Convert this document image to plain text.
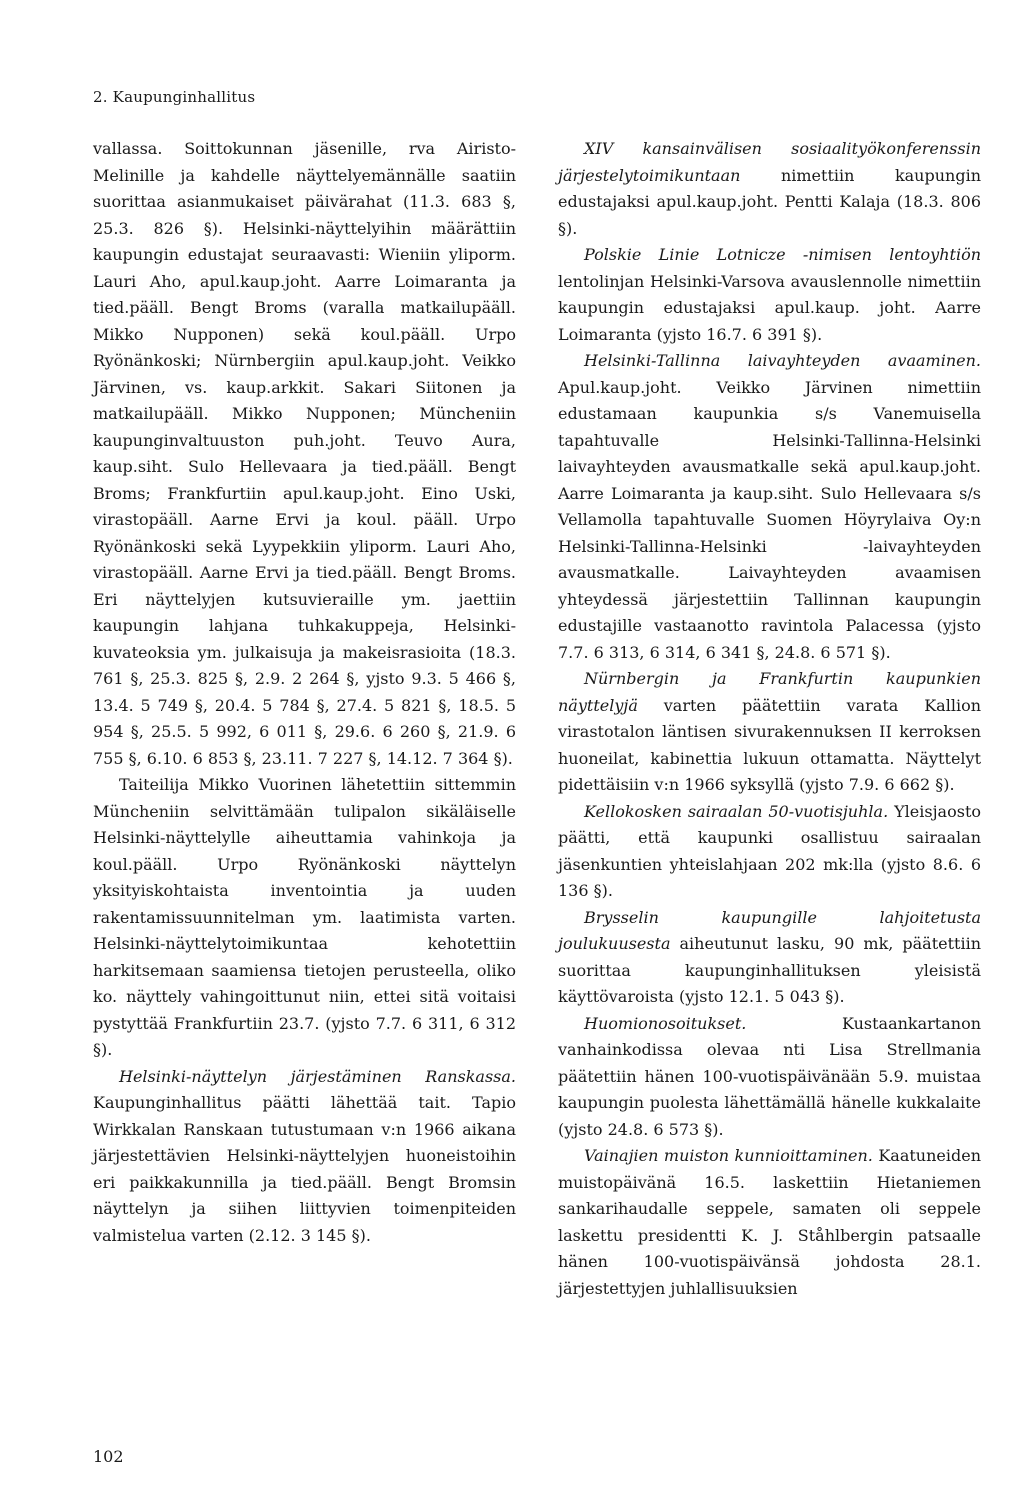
2. Kaupunginhallitus

vallassa. Soittokunnan jäsenille, rva Airisto-Melinille ja kahdelle näyttelyemännälle saatiin suorittaa asianmukaiset päivärahat (11.3. 683 §, 25.3. 826 §). Helsinki-näyttelyihin määrättiin kaupungin edustajat seuraavasti: Wieniin yliporm. Lauri Aho, apul.kaup.joht. Aarre Loimaranta ja tied.pääll. Bengt Broms (varalla matkailupääll. Mikko Nupponen) sekä koul.pääll. Urpo Ryönänkoski; Nürnbergiin apul.kaup.joht. Veikko Järvinen, vs. kaup.arkkit. Sakari Siitonen ja matkailupääll. Mikko Nupponen; Müncheniin kaupunginvaltuuston puh.joht. Teuvo Aura, kaup.siht. Sulo Hellevaara ja tied.pääll. Bengt Broms; Frankfurtiin apul.kaup.joht. Eino Uski, virastopääll. Aarne Ervi ja koul. pääll. Urpo Ryönänkoski sekä Lyypekkiin yliporm. Lauri Aho, virastopääll. Aarne Ervi ja tied.pääll. Bengt Broms. Eri näyttelyjen kutsuvieraille ym. jaettiin kaupungin lahjana tuhkakuppeja, Helsinki-kuvateoksia ym. julkaisuja ja makeisrasioita (18.3. 761 §, 25.3. 825 §, 2.9. 2 264 §, yjsto 9.3. 5 466 §, 13.4. 5 749 §, 20.4. 5 784 §, 27.4. 5 821 §, 18.5. 5 954 §, 25.5. 5 992, 6 011 §, 29.6. 6 260 §, 21.9. 6 755 §, 6.10. 6 853 §, 23.11. 7 227 §, 14.12. 7 364 §).

Taiteilija Mikko Vuorinen lähetettiin sittemmin Müncheniin selvittämään tulipalon sikäläiselle Helsinki-näyttelylle aiheuttamia vahinkoja ja koul.pääll. Urpo Ryönänkoski näyttelyn yksityiskohtaista inventointia ja uuden rakentamissuunnitelman ym. laatimista varten. Helsinki-näyttelytoimikuntaa kehotettiin harkitsemaan saamiensa tietojen perusteella, oliko ko. näyttely vahingoittunut niin, ettei sitä voitaisi pystyttää Frankfurtiin 23.7. (yjsto 7.7. 6 311, 6 312 §).

Helsinki-näyttelyn järjestäminen Ranskassa. Kaupunginhallitus päätti lähettää tait. Tapio Wirkkalan Ranskaan tutustumaan v:n 1966 aikana järjestettävien Helsinki-näyttelyjen huoneistoihin eri paikkakunnilla ja tied.pääll. Bengt Bromsin näyttelyn ja siihen liittyvien toimenpiteiden valmistelua varten (2.12. 3 145 §).

XIV kansainvälisen sosiaalityökonferenssin järjestelytoimikuntaan nimettiin kaupungin edustajaksi apul.kaup.joht. Pentti Kalaja (18.3. 806 §).

Polskie Linie Lotnicze -nimisen lentoyhtiön lentolinjan Helsinki-Varsova avauslennolle nimettiin kaupungin edustajaksi apul.kaup. joht. Aarre Loimaranta (yjsto 16.7. 6 391 §).

Helsinki-Tallinna laivayhteyden avaaminen. Apul.kaup.joht. Veikko Järvinen nimettiin edustamaan kaupunkia s/s Vanemuisella tapahtuvalle Helsinki-Tallinna-Helsinki laivayhteyden avausmatkalle sekä apul.kaup.joht. Aarre Loimaranta ja kaup.siht. Sulo Hellevaara s/s Vellamolla tapahtuvalle Suomen Höyrylaiva Oy:n Helsinki-Tallinna-Helsinki -laivayhteyden avausmatkalle. Laivayhteyden avaamisen yhteydessä järjestettiin Tallinnan kaupungin edustajille vastaanotto ravintola Palacessa (yjsto 7.7. 6 313, 6 314, 6 341 §, 24.8. 6 571 §).

Nürnbergin ja Frankfurtin kaupunkien näyttelyjä varten päätettiin varata Kallion virastotalon läntisen sivurakennuksen II kerroksen huoneilat, kabinettia lukuun ottamatta. Näyttelyt pidettäisiin v:n 1966 syksyllä (yjsto 7.9. 6 662 §).

Kellokosken sairaalan 50-vuotisjuhla. Yleisjaosto päätti, että kaupunki osallistuu sairaalan jäsenkuntien yhteislahjaan 202 mk:lla (yjsto 8.6. 6 136 §).

Brysselin kaupungille lahjoitetusta joulukuusesta aiheutunut lasku, 90 mk, päätettiin suorittaa kaupunginhallituksen yleisistä käyttövaroista (yjsto 12.1. 5 043 §).

Huomionosoitukset. Kustaankartanon vanhainkodissa olevaa nti Lisa Strellmania päätettiin hänen 100-vuotispäivänään 5.9. muistaa kaupungin puolesta lähettämällä hänelle kukkalaite (yjsto 24.8. 6 573 §).

Vainajien muiston kunnioittaminen. Kaatuneiden muistopäivänä 16.5. laskettiin Hietaniemen sankarihaudalle seppele, samaten oli seppele laskettu presidentti K. J. Ståhlbergin patsaalle hänen 100-vuotispäivänsä johdosta 28.1. järjestettyjen juhlallisuuksien

102
